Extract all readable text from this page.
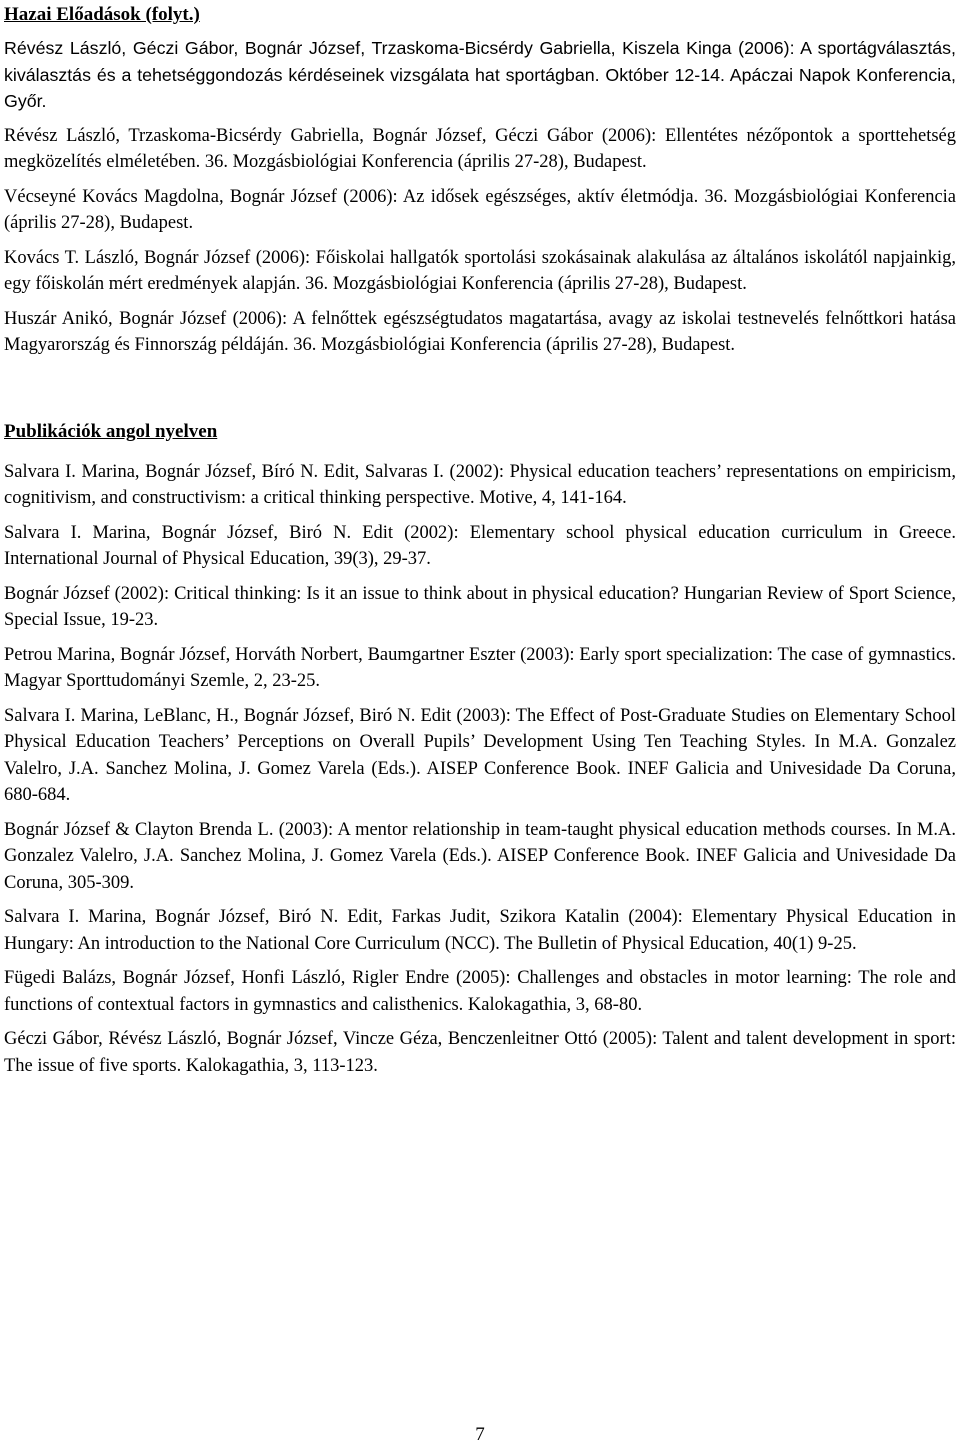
Hazai Előadások (folyt.)

Révész László, Géczi Gábor, Bognár József, Trzaskoma-Bicsérdy Gabriella, Kiszela Kinga (2006): A sportágválasztás, kiválasztás és a tehetséggondozás kérdéseinek vizsgálata hat sportágban. Október 12-14. Apáczai Napok Konferencia, Győr.

Révész László, Trzaskoma-Bicsérdy Gabriella, Bognár József, Géczi Gábor (2006): Ellentétes nézőpontok a sporttehetség megközelítés elméletében. 36. Mozgásbiológiai Konferencia (április 27-28), Budapest.

Vécseyné Kovács Magdolna, Bognár József (2006): Az idősek egészséges, aktív életmódja. 36. Mozgásbiológiai Konferencia (április 27-28), Budapest.

Kovács T. László, Bognár József (2006): Főiskolai hallgatók sportolási szokásainak alakulása az általános iskolától napjainkig, egy főiskolán mért eredmények alapján. 36. Mozgásbiológiai Konferencia (április 27-28), Budapest.

Huszár Anikó, Bognár József (2006): A felnőttek egészségtudatos magatartása, avagy az iskolai testnevelés felnőttkori hatása Magyarország és Finnország példáján. 36. Mozgásbiológiai Konferencia (április 27-28), Budapest.

Publikációk angol nyelven

Salvara I. Marina, Bognár József, Bíró N. Edit, Salvaras I. (2002): Physical education teachers’ representations on empiricism, cognitivism, and constructivism: a critical thinking perspective. Motive, 4, 141-164.

Salvara I. Marina, Bognár József, Biró N. Edit (2002): Elementary school physical education curriculum in Greece. International Journal of Physical Education, 39(3), 29-37.

Bognár József (2002): Critical thinking: Is it an issue to think about in physical education? Hungarian Review of Sport Science, Special Issue, 19-23.

Petrou Marina, Bognár József, Horváth Norbert, Baumgartner Eszter (2003): Early sport specialization: The case of gymnastics. Magyar Sporttudományi Szemle, 2, 23-25.

Salvara I. Marina, LeBlanc, H., Bognár József, Biró N. Edit (2003): The Effect of Post-Graduate Studies on Elementary School Physical Education Teachers’ Perceptions on Overall Pupils’ Development Using Ten Teaching Styles. In M.A. Gonzalez Valelro, J.A. Sanchez Molina, J. Gomez Varela (Eds.). AISEP Conference Book. INEF Galicia and Univesidade Da Coruna, 680-684.

Bognár József & Clayton Brenda L. (2003): A mentor relationship in team-taught physical education methods courses. In M.A. Gonzalez Valelro, J.A. Sanchez Molina, J. Gomez Varela (Eds.). AISEP Conference Book. INEF Galicia and Univesidade Da Coruna, 305-309.

Salvara I. Marina, Bognár József, Biró N. Edit, Farkas Judit, Szikora Katalin (2004): Elementary Physical Education in Hungary: An introduction to the National Core Curriculum (NCC). The Bulletin of Physical Education, 40(1) 9-25.

Fügedi Balázs, Bognár József, Honfi László, Rigler Endre (2005): Challenges and obstacles in motor learning: The role and functions of contextual factors in gymnastics and calisthenics. Kalokagathia, 3, 68-80.

Géczi Gábor, Révész László, Bognár József, Vincze Géza, Benczenleitner Ottó (2005): Talent and talent development in sport: The issue of five sports. Kalokagathia, 3, 113-123.

7
